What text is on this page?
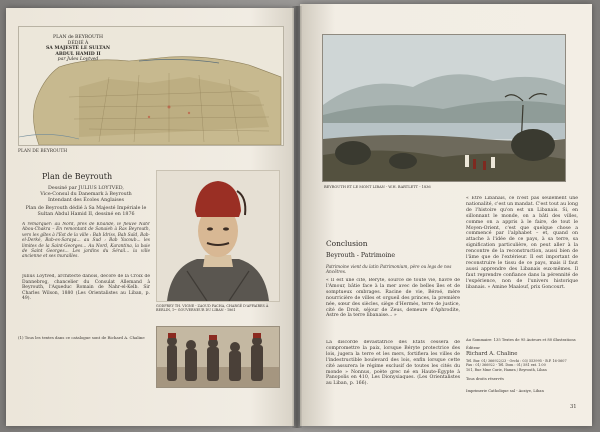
PLAN de BEYROUTH
DÉDIÉ À
SA MAJESTÉ LE SULTAN
ABDUL HAMID II
par Jules Loytved
PLAN DE BEYROUTH
Plan de Beyrouth
Dessiné par JULIUS LOYTVED,
Vice-Consul du Danemark à Beyrouth
Intendant des Écoles Anglaises
Plan de Beyrouth dédié à Sa Majesté Impériale le Sultan Abdul Hamid II, dessiné en 1876
À remarquer: au Nord, près de Khalidé, le fleuve Nahr Abou-Chakra – En remontant de Sanaieh à Ras Beyrouth, vers les gîtes à l'Est de la ville : Bab Idriss, Bab Saïd, Bab-el-Derké, Bab-es-Saraya... au Sud : Bab Yacoub... les limites de la Saint-Georges... Au Nord, Karantina, la baie de Saint Georges... Les jardins du Sérail... la ville ancienne et ses murailles.
Julius Loytved, architecte danois, décoré de la Croix de Dannebrog, chancelier du Consulat Allemand à Beyrouth, l'Aqueduc Romain de Nahr-el-Kelb. Sir Charles Wilson, 1880 (Les Orientalistes au Liban, p. 49).
(1) Tous les textes dans ce catalogue sont de Richard A. Chaline
GODFREY TH. VIGNE - ZAOUD PACHA, CHARGÉ D'AFFAIRES À BERLIN, 1ᵉʳ GOUVERNEUR DU LIBAN - 1861
BEYROUTH ET LE MONT LIBAN - W.H. BARTLETT - 1836
Conclusion
Beyrouth - Patrimoine
Patrimoine vient du latin Patrimonium, père ou legs de nos Ancêtres.
« Il est une cité, Béryte, source de toute vie, havre de l'Amour, bâtie face à la mer avec de belles îles et de somptueux ombrages. Racine de vie, Béroé, mère nourricière de villes et orgueil des princes, la première née, sœur des siècles, siège d'Hermès, terre de justice, cité de Droit, séjour de Zeus, demeure d'Aphrodite, Astre de la terre libanaise... »
La discorde dévastatrice des États cessera de compromettre la paix, lorsque Béryte protectrice des lois, jugera la terre et les mers, fortifiera les villes de l'indestructible boulevard des lois, enfin lorsque cette cité assurera le régime exclusif de toutes les cités du monde » Nonnus, poète grec né en Haute-Égypte à Panopolis en 410, Les Dionysiaques. (Les Orientalistes au Liban, p. 166).
« Être Libanais, ce n'est pas seulement une nationalité, c'est un mandat. C'est tout au long de l'histoire qu'on est un Libanais. Si, en sillonnant le monde, on a bâti des villes, comme on a appris à le faire, de tout le Moyen-Orient, c'est que quelque chose a commencé par l'alphabet – et, quand on attache à l'idée de ce pays, à sa terre, sa signification particulière, on peut aller à la rencontre de la reconstruction, aussi bien de l'âme que de l'extérieur. Il est important de reconstruire le tissu de ce pays, mais il faut aussi apprendre des Libanais eux-mêmes. Il faut reprendre confiance dans la pérennité de l'expérience, non de l'univers historique libanais. » Amine Maalouf, prix Goncourt.
Au Sommaire: 135 Textes de 95 Auteurs et 80 illustrations
Éditeur
Richard A. Chaline
Tél. Bur. 01/ 366922/23 - Orchi : 03/ 553995 - B.P. 16-5607
Fax : 01/ 366922 - Tél. Dom : 01/ 581 ext. 1.00
101, Rue Mme Curie, Hamra / Beyrouth, Liban
Tous droits réservés
Imprimerie Catholique sal - Aoziye, Liban
31
